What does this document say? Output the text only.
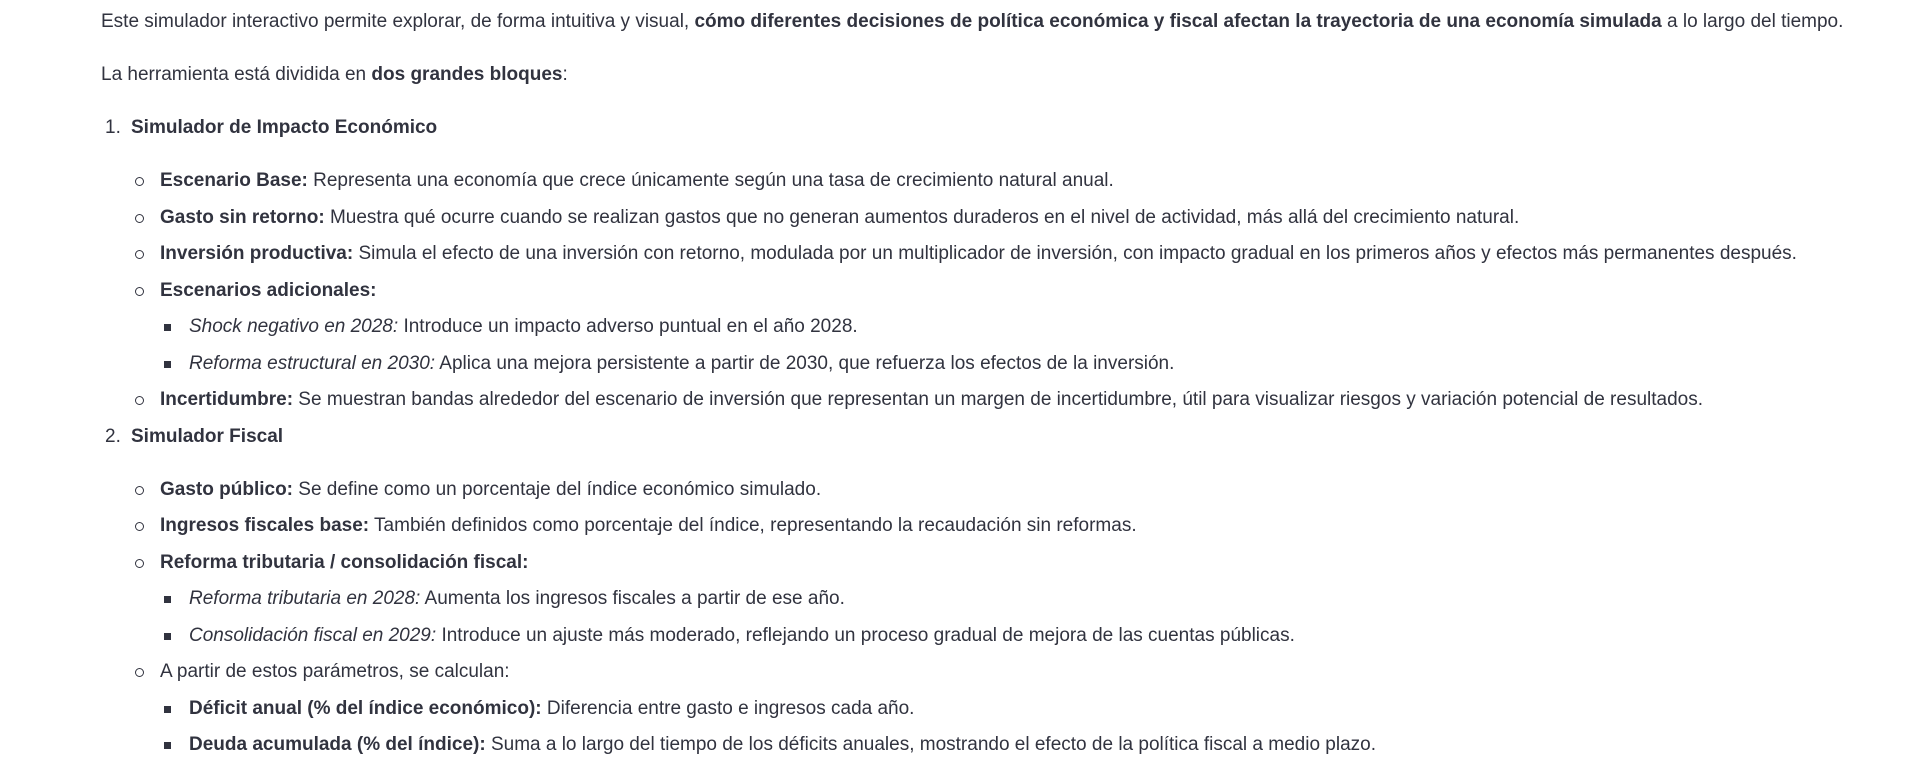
Este simulador interactivo permite explorar, de forma intuitiva y visual, cómo diferentes decisiones de política económica y fiscal afectan la trayectoria de una economía simulada a lo largo del tiempo.

La herramienta está dividida en dos grandes bloques:

Simulador de Impacto Económico
Escenario Base: Representa una economía que crece únicamente según una tasa de crecimiento natural anual.
Gasto sin retorno: Muestra qué ocurre cuando se realizan gastos que no generan aumentos duraderos en el nivel de actividad, más allá del crecimiento natural.
Inversión productiva: Simula el efecto de una inversión con retorno, modulada por un multiplicador de inversión, con impacto gradual en los primeros años y efectos más permanentes después.
Escenarios adicionales:
Shock negativo en 2028: Introduce un impacto adverso puntual en el año 2028.
Reforma estructural en 2030: Aplica una mejora persistente a partir de 2030, que refuerza los efectos de la inversión.
Incertidumbre: Se muestran bandas alrededor del escenario de inversión que representan un margen de incertidumbre, útil para visualizar riesgos y variación potencial de resultados.
Simulador Fiscal
Gasto público: Se define como un porcentaje del índice económico simulado.
Ingresos fiscales base: También definidos como porcentaje del índice, representando la recaudación sin reformas.
Reforma tributaria / consolidación fiscal:
Reforma tributaria en 2028: Aumenta los ingresos fiscales a partir de ese año.
Consolidación fiscal en 2029: Introduce un ajuste más moderado, reflejando un proceso gradual de mejora de las cuentas públicas.
A partir de estos parámetros, se calculan:
Déficit anual (% del índice económico): Diferencia entre gasto e ingresos cada año.
Deuda acumulada (% del índice): Suma a lo largo del tiempo de los déficits anuales, mostrando el efecto de la política fiscal a medio plazo.
